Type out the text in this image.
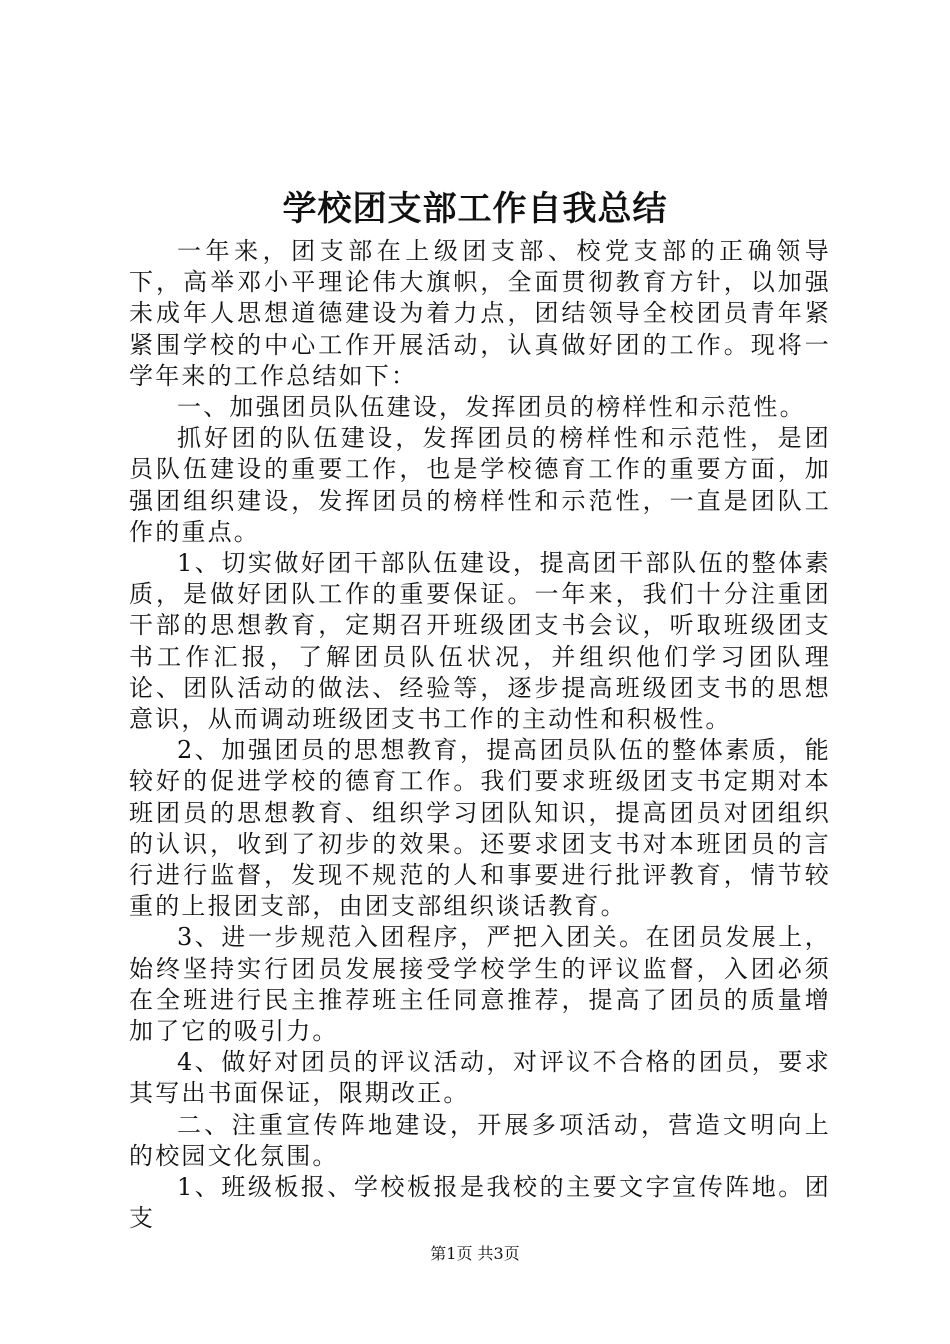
学校团支部工作自我总结

一年来，团支部在上级团支部、校党支部的正确领导下，高举邓小平理论伟大旗帜，全面贯彻教育方针，以加强未成年人思想道德建设为着力点，团结领导全校团员青年紧紧围学校的中心工作开展活动，认真做好团的工作。现将一学年来的工作总结如下：

一、加强团员队伍建设，发挥团员的榜样性和示范性。

抓好团的队伍建设，发挥团员的榜样性和示范性，是团员队伍建设的重要工作，也是学校德育工作的重要方面，加强团组织建设，发挥团员的榜样性和示范性，一直是团队工作的重点。

1、切实做好团干部队伍建设，提高团干部队伍的整体素质，是做好团队工作的重要保证。一年来，我们十分注重团干部的思想教育，定期召开班级团支书会议，听取班级团支书工作汇报，了解团员队伍状况，并组织他们学习团队理论、团队活动的做法、经验等，逐步提高班级团支书的思想意识，从而调动班级团支书工作的主动性和积极性。

2、加强团员的思想教育，提高团员队伍的整体素质，能较好的促进学校的德育工作。我们要求班级团支书定期对本班团员的思想教育、组织学习团队知识，提高团员对团组织的认识，收到了初步的效果。还要求团支书对本班团员的言行进行监督，发现不规范的人和事要进行批评教育，情节较重的上报团支部，由团支部组织谈话教育。

3、进一步规范入团程序，严把入团关。在团员发展上，始终坚持实行团员发展接受学校学生的评议监督，入团必须在全班进行民主推荐班主任同意推荐，提高了团员的质量增加了它的吸引力。

4、做好对团员的评议活动，对评议不合格的团员，要求其写出书面保证，限期改正。

二、注重宣传阵地建设，开展多项活动，营造文明向上的校园文化氛围。

1、班级板报、学校板报是我校的主要文字宣传阵地。团支

第1页 共3页
